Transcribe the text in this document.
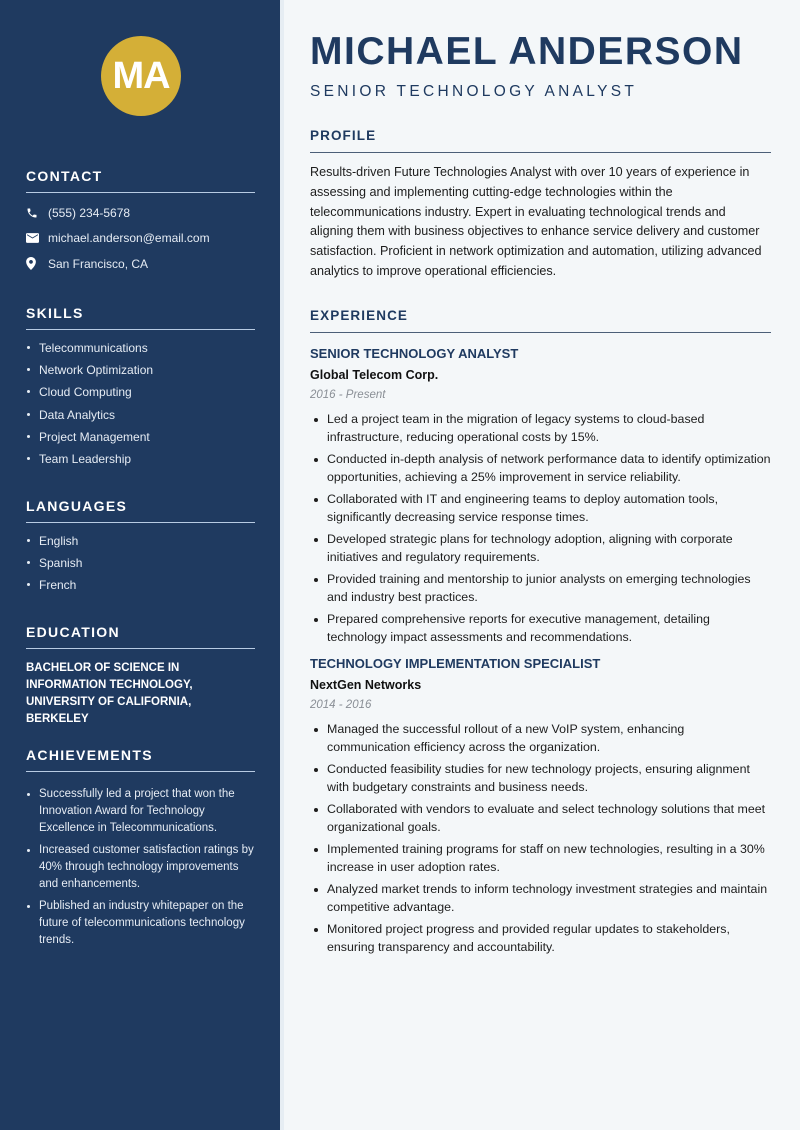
MA
CONTACT
(555) 234-5678
michael.anderson@email.com
San Francisco, CA
SKILLS
Telecommunications
Network Optimization
Cloud Computing
Data Analytics
Project Management
Team Leadership
LANGUAGES
English
Spanish
French
EDUCATION
BACHELOR OF SCIENCE IN
INFORMATION TECHNOLOGY,
UNIVERSITY OF CALIFORNIA, BERKELEY
ACHIEVEMENTS
Successfully led a project that won the Innovation Award for Technology Excellence in Telecommunications.
Increased customer satisfaction ratings by 40% through technology improvements and enhancements.
Published an industry whitepaper on the future of telecommunications technology trends.
MICHAEL ANDERSON
SENIOR TECHNOLOGY ANALYST
PROFILE

Results-driven Future Technologies Analyst with over 10 years of experience in assessing and implementing cutting-edge technologies within the telecommunications industry. Expert in evaluating technological trends and aligning them with business objectives to enhance service delivery and customer satisfaction. Proficient in network optimization and automation, utilizing advanced analytics to improve operational efficiencies.

EXPERIENCE
SENIOR TECHNOLOGY ANALYST
Global Telecom Corp.
2016 - Present
Led a project team in the migration of legacy systems to cloud-based infrastructure, reducing operational costs by 15%.
Conducted in-depth analysis of network performance data to identify optimization opportunities, achieving a 25% improvement in service reliability.
Collaborated with IT and engineering teams to deploy automation tools, significantly decreasing service response times.
Developed strategic plans for technology adoption, aligning with corporate initiatives and regulatory requirements.
Provided training and mentorship to junior analysts on emerging technologies and industry best practices.
Prepared comprehensive reports for executive management, detailing technology impact assessments and recommendations.
TECHNOLOGY IMPLEMENTATION SPECIALIST
NextGen Networks
2014 - 2016
Managed the successful rollout of a new VoIP system, enhancing communication efficiency across the organization.
Conducted feasibility studies for new technology projects, ensuring alignment with budgetary constraints and business needs.
Collaborated with vendors to evaluate and select technology solutions that meet organizational goals.
Implemented training programs for staff on new technologies, resulting in a 30% increase in user adoption rates.
Analyzed market trends to inform technology investment strategies and maintain competitive advantage.
Monitored project progress and provided regular updates to stakeholders, ensuring transparency and accountability.
